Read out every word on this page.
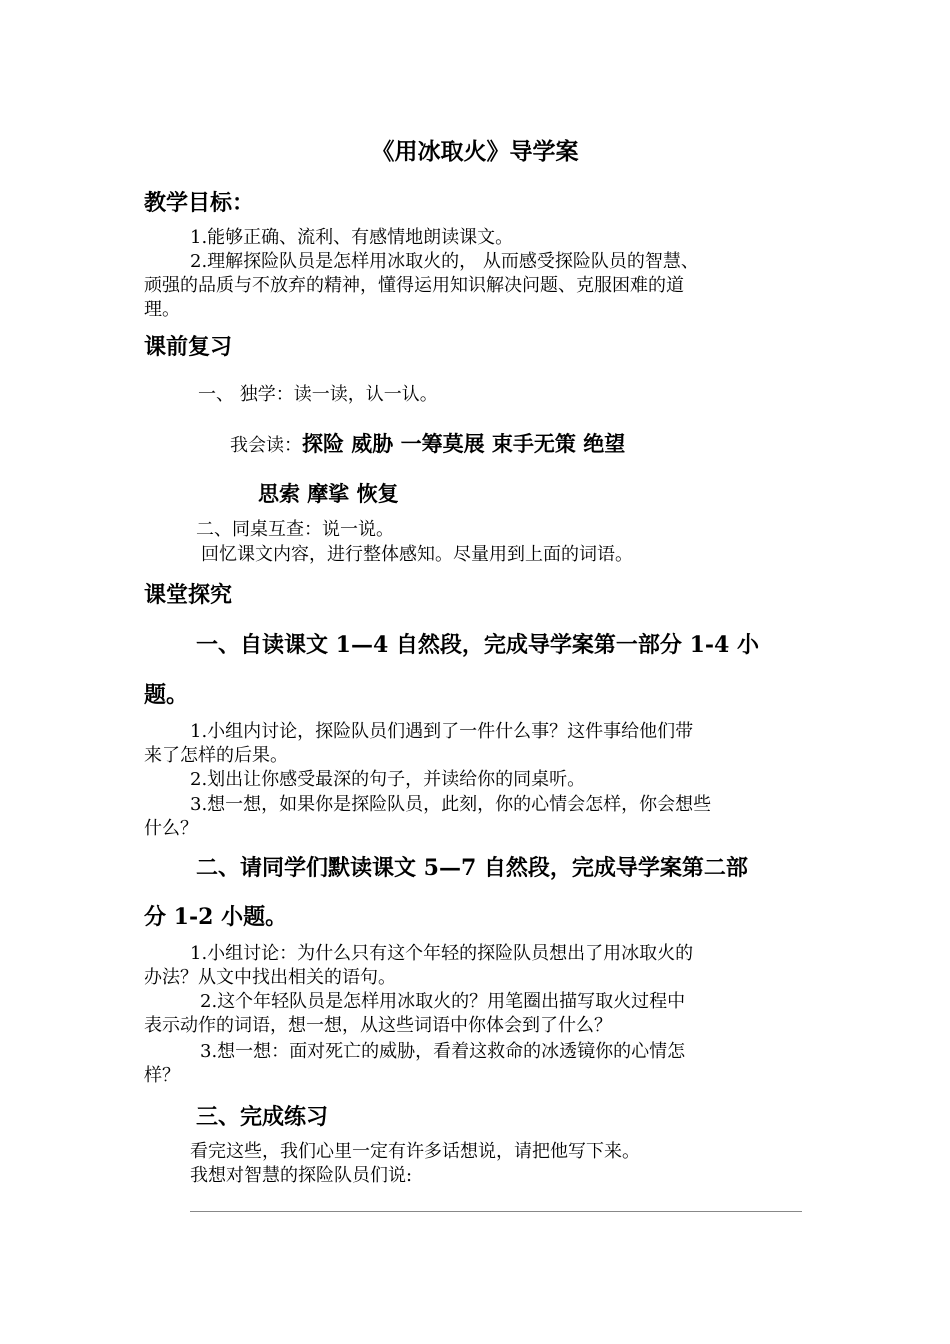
《用冰取火》导学案
教学目标：
1.能够正确、流利、有感情地朗读课文。
2.理解探险队员是怎样用冰取火的， 从而感受探险队员的智慧、
顽强的品质与不放弃的精神，懂得运用知识解决问题、克服困难的道
理。
课前复习
一、 独学：读一读，认一认。
我会读：探险 威胁 一筹莫展 束手无策 绝望
思索 摩挲 恢复
二、同桌互查：说一说。
回忆课文内容，进行整体感知。尽量用到上面的词语。
课堂探究
一、自读课文 1—4 自然段，完成导学案第一部分 1-4 小
题。
1.小组内讨论，探险队员们遇到了一件什么事？这件事给他们带
来了怎样的后果。
2.划出让你感受最深的句子，并读给你的同桌听。
3.想一想，如果你是探险队员，此刻，你的心情会怎样，你会想些
什么？
二、请同学们默读课文 5—7 自然段，完成导学案第二部
分 1-2 小题。
1.小组讨论：为什么只有这个年轻的探险队员想出了用冰取火的
办法？从文中找出相关的语句。
2.这个年轻队员是怎样用冰取火的？用笔圈出描写取火过程中
表示动作的词语，想一想，从这些词语中你体会到了什么？
3.想一想：面对死亡的威胁，看着这救命的冰透镜你的心情怎
样？
三、完成练习
看完这些，我们心里一定有许多话想说，请把他写下来。
我想对智慧的探险队员们说:
